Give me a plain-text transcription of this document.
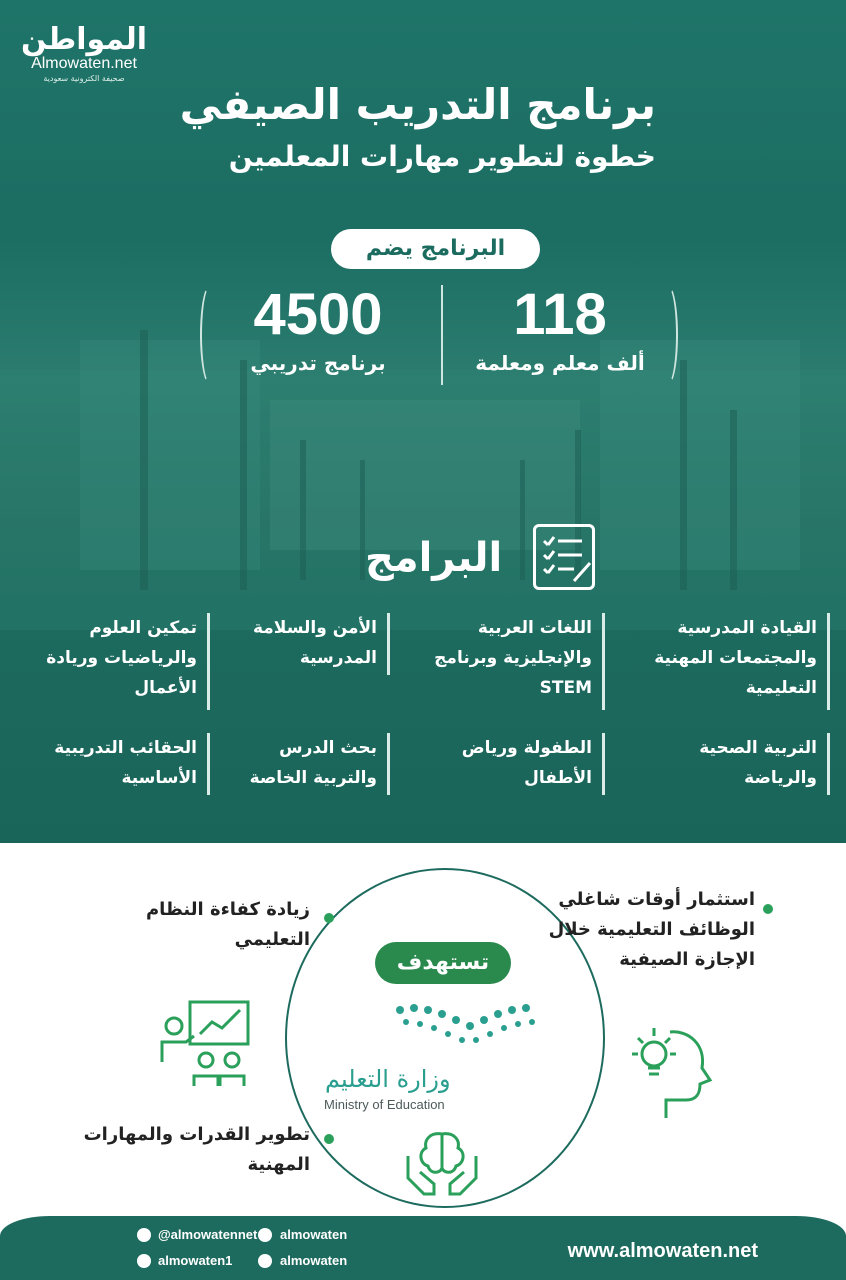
المواطن
Almowaten.net
صحيفة الكترونية سعودية
برنامج التدريب الصيفي
خطوة لتطوير مهارات المعلمين
البرنامج يضم
118
ألف معلم ومعلمة
4500
برنامج تدريبي
البرامج
القيادة المدرسية والمجتمعات المهنية التعليمية
اللغات العربية والإنجليزية وبرنامج STEM
الأمن والسلامة المدرسية
تمكين العلوم والرياضيات وريادة الأعمال
التربية الصحية والرياضة
الطفولة ورياض الأطفال
بحث الدرس والتربية الخاصة
الحقائب التدريبية الأساسية
استثمار أوقات شاغلي الوظائف التعليمية خلال الإجازة الصيفية
زيادة كفاءة النظام التعليمي
تطوير القدرات والمهارات المهنية
تستهدف
وزارة التعليم
Ministry of Education
@almowatennet almowaten
almowaten1	almowaten	www.almowaten.net
